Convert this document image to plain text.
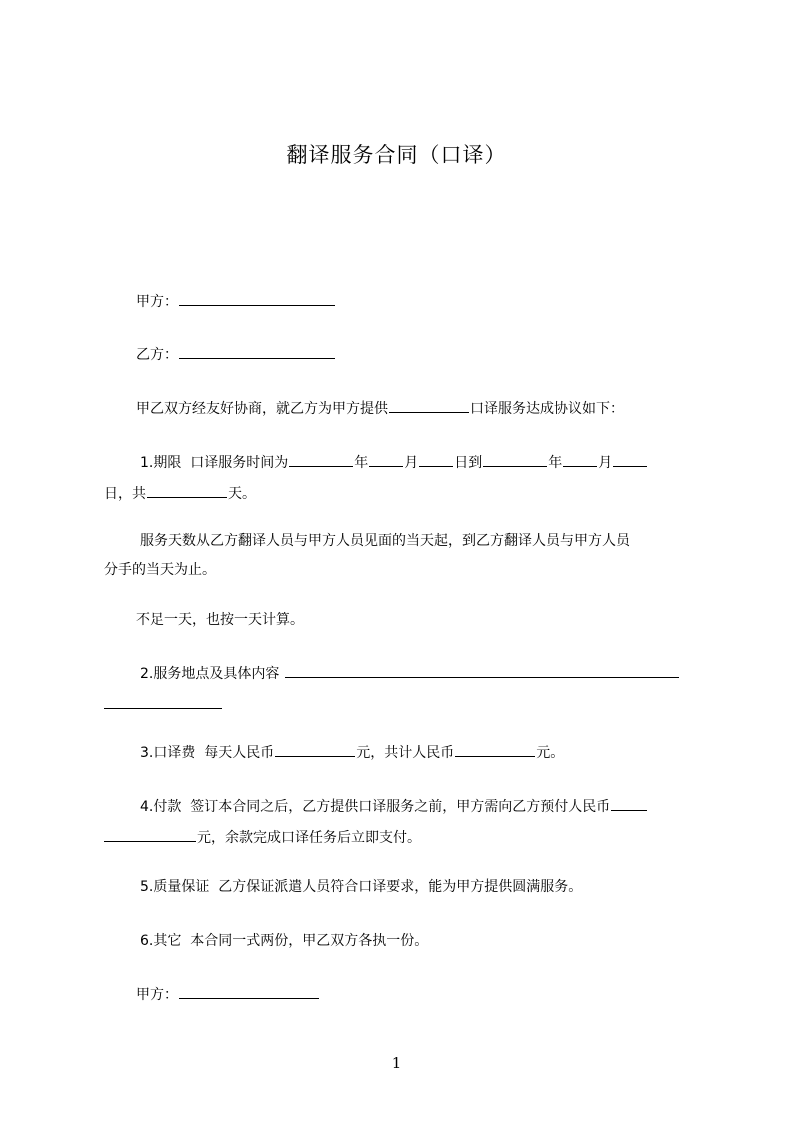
翻译服务合同（口译）

甲方：

乙方：

甲乙双方经友好协商，就乙方为甲方提供	口译服务达成协议如下：

1.期限 口译服务时间为	年	月	日到	年	月
日，共	天。
服务天数从乙方翻译人员与甲方人员见面的当天起，到乙方翻译人员与甲方人员
分手的当天为止。

不足一天，也按一天计算。

2.服务地点及具体内容
3.口译费 每天人民币	元，共计人民币	元。
4.付款 签订本合同之后，乙方提供口译服务之前，甲方需向乙方预付人民币
元，余款完成口译任务后立即支付。
5.质量保证 乙方保证派遣人员符合口译要求，能为甲方提供圆满服务。
6.其它 本合同一式两份，甲乙双方各执一份。

甲方：

1
